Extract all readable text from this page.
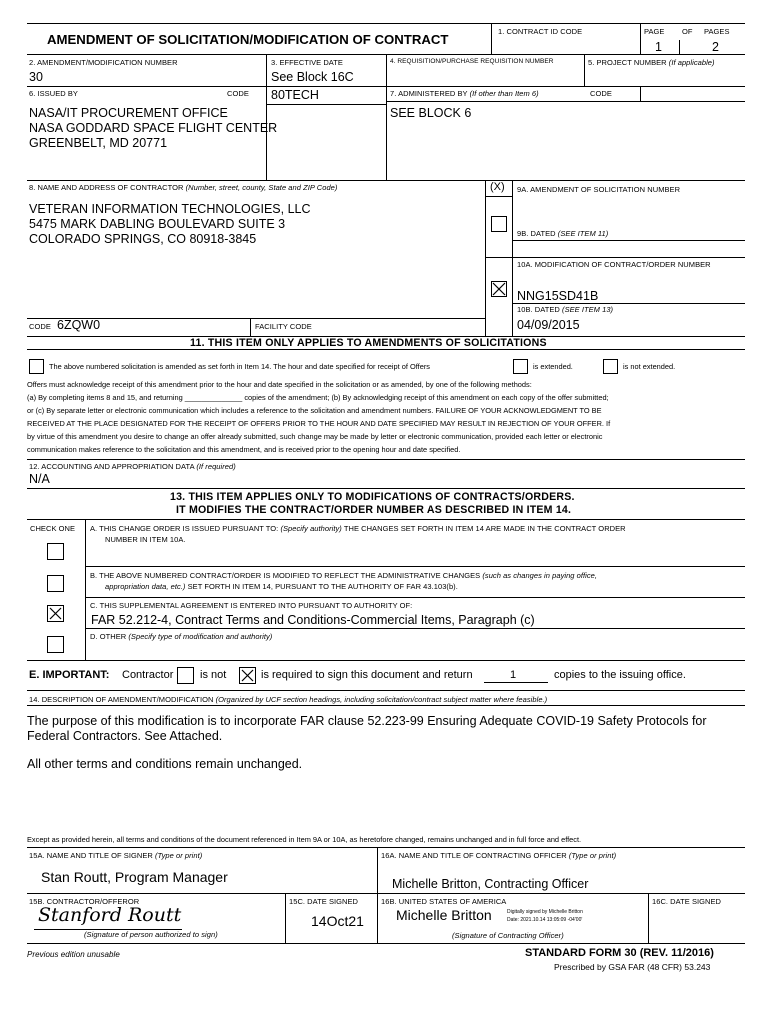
AMENDMENT OF SOLICITATION/MODIFICATION OF CONTRACT
1. CONTRACT ID CODE	PAGE OF PAGES
1	2
2. AMENDMENT/MODIFICATION NUMBER
30
3. EFFECTIVE DATE
See Block 16C
4. REQUISITION/PURCHASE REQUISITION NUMBER	5. PROJECT NUMBER (If applicable)
6. ISSUED BY	CODE 80TECH
NASA/IT PROCUREMENT OFFICE
NASA GODDARD SPACE FLIGHT CENTER
GREENBELT, MD 20771
7. ADMINISTERED BY (If other than Item 6)	CODE
SEE BLOCK 6
8. NAME AND ADDRESS OF CONTRACTOR (Number, street, county, State and ZIP Code)
VETERAN INFORMATION TECHNOLOGIES, LLC
5475 MARK DABLING BOULEVARD SUITE 3
COLORADO SPRINGS, CO 80918-3845
(X) 9A. AMENDMENT OF SOLICITATION NUMBER
9B. DATED (SEE ITEM 11)
10A. MODIFICATION OF CONTRACT/ORDER NUMBER
NNG15SD41B
10B. DATED (SEE ITEM 13)
04/09/2015
CODE 6ZQW0	FACILITY CODE
11. THIS ITEM ONLY APPLIES TO AMENDMENTS OF SOLICITATIONS
The above numbered solicitation is amended as set forth in Item 14. The hour and date specified for receipt of Offers	is extended.	is not extended.
Offers must acknowledge receipt of this amendment prior to the hour and date specified in the solicitation or as amended, by one of the following methods:
(a) By completing items 8 and 15, and returning ______________ copies of the amendment; (b) By acknowledging receipt of this amendment on each copy of the offer submitted;
or (c) By separate letter or electronic communication which includes a reference to the solicitation and amendment numbers. FAILURE OF YOUR ACKNOWLEDGMENT TO BE
RECEIVED AT THE PLACE DESIGNATED FOR THE RECEIPT OF OFFERS PRIOR TO THE HOUR AND DATE SPECIFIED MAY RESULT IN REJECTION OF YOUR OFFER. If
by virtue of this amendment you desire to change an offer already submitted, such change may be made by letter or electronic communication, provided each letter or electronic
communication makes reference to the solicitation and this amendment, and is received prior to the opening hour and date specified.
12. ACCOUNTING AND APPROPRIATION DATA (If required)
N/A
13. THIS ITEM APPLIES ONLY TO MODIFICATIONS OF CONTRACTS/ORDERS.
IT MODIFIES THE CONTRACT/ORDER NUMBER AS DESCRIBED IN ITEM 14.
CHECK ONE A. THIS CHANGE ORDER IS ISSUED PURSUANT TO: (Specify authority) THE CHANGES SET FORTH IN ITEM 14 ARE MADE IN THE CONTRACT ORDER
NUMBER IN ITEM 10A.
B. THE ABOVE NUMBERED CONTRACT/ORDER IS MODIFIED TO REFLECT THE ADMINISTRATIVE CHANGES (such as changes in paying office,
appropriation data, etc.) SET FORTH IN ITEM 14, PURSUANT TO THE AUTHORITY OF FAR 43.103(b).
C. THIS SUPPLEMENTAL AGREEMENT IS ENTERED INTO PURSUANT TO AUTHORITY OF:
FAR 52.212-4, Contract Terms and Conditions-Commercial Items, Paragraph (c)
D. OTHER (Specify type of modification and authority)
E. IMPORTANT: Contractor is not	is required to sign this document and return	1	copies to the issuing office.
14. DESCRIPTION OF AMENDMENT/MODIFICATION (Organized by UCF section headings, including solicitation/contract subject matter where feasible.)
The purpose of this modification is to incorporate FAR clause 52.223-99 Ensuring Adequate COVID-19 Safety Protocols for
Federal Contractors. See Attached.
All other terms and conditions remain unchanged.
Except as provided herein, all terms and conditions of the document referenced in Item 9A or 10A, as heretofore changed, remains unchanged and in full force and effect.
15A. NAME AND TITLE OF SIGNER (Type or print)
Stan Routt, Program Manager
16A. NAME AND TITLE OF CONTRACTING OFFICER (Type or print)
Michelle Britton, Contracting Officer
15B. CONTRACTOR/OFFEROR
Stanford Routt
(Signature of person authorized to sign)
15C. DATE SIGNED
14Oct21
16B. UNITED STATES OF AMERICA
Michelle Britton	Digitally signed by Michelle Britton
Date: 2021.10.14 13:05:09 -04'00'
(Signature of Contracting Officer)
16C. DATE SIGNED
Previous edition unusable	STANDARD FORM 30 (REV. 11/2016)
Prescribed by GSA FAR (48 CFR) 53.243
